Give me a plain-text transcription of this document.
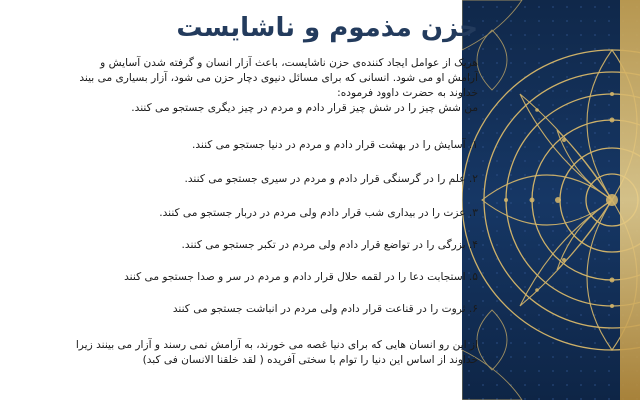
حزن مذموم و ناشایست
هریک از عوامل ایجاد کننده‌ی حزن ناشایست، باعث آزار انسان و گرفته شدن آسایش و
آرامش او می شود. انسانی که برای مسائل دنیوی دچار حزن می شود، آزار بسیاری می بیند
خداوند به حضرت داوود فرموده:
من شش چیز را در شش چیز قرار دادم و مردم در چیز دیگری جستجو می کنند.

۱. آسایش را در بهشت قرار دادم و مردم در دنیا جستجو می کنند.

۲. علم را در گرسنگی قرار دادم و مردم در سیری جستجو می کنند.

۳. عزت را در بیداری شب قرار دادم ولی مردم در دربار جستجو می کنند.

۴. بزرگی را در تواضع قرار دادم ولی مردم در تکبر جستجو می کنند.

۵. استجابت دعا را در لقمه حلال قرار دادم و مردم در سر و صدا جستجو می کنند

۶. ثروت را در قناعت قرار دادم ولی مردم در انباشت جستجو می کنند

از این رو انسان هایی که برای دنیا غصه می خورند، به آرامش نمی رسند و آزار می بینند زیرا
خداوند از اساس این دنیا را توام با سختی آفریده ( لقد خلقنا الانسان فی کبد)
